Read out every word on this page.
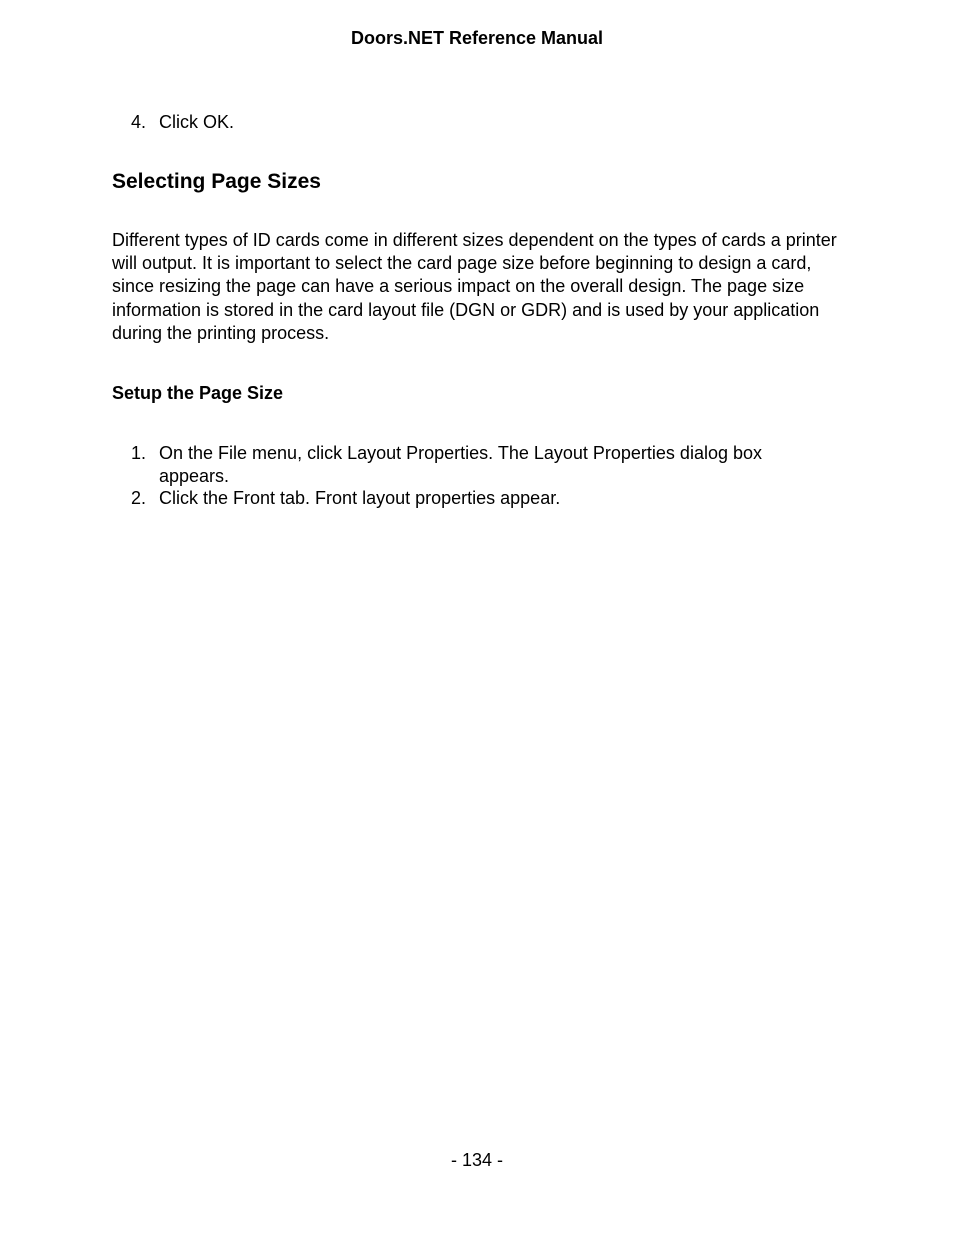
Doors.NET Reference Manual
4. Click OK.
Selecting Page Sizes

Different types of ID cards come in different sizes dependent on the types of cards a printer will output. It is important to select the card page size before beginning to design a card, since resizing the page can have a serious impact on the overall design. The page size information is stored in the card layout file (DGN or GDR) and is used by your application during the printing process.

Setup the Page Size
1. On the File menu, click Layout Properties. The Layout Properties dialog box appears.
2. Click the Front tab. Front layout properties appear.
- 134 -
